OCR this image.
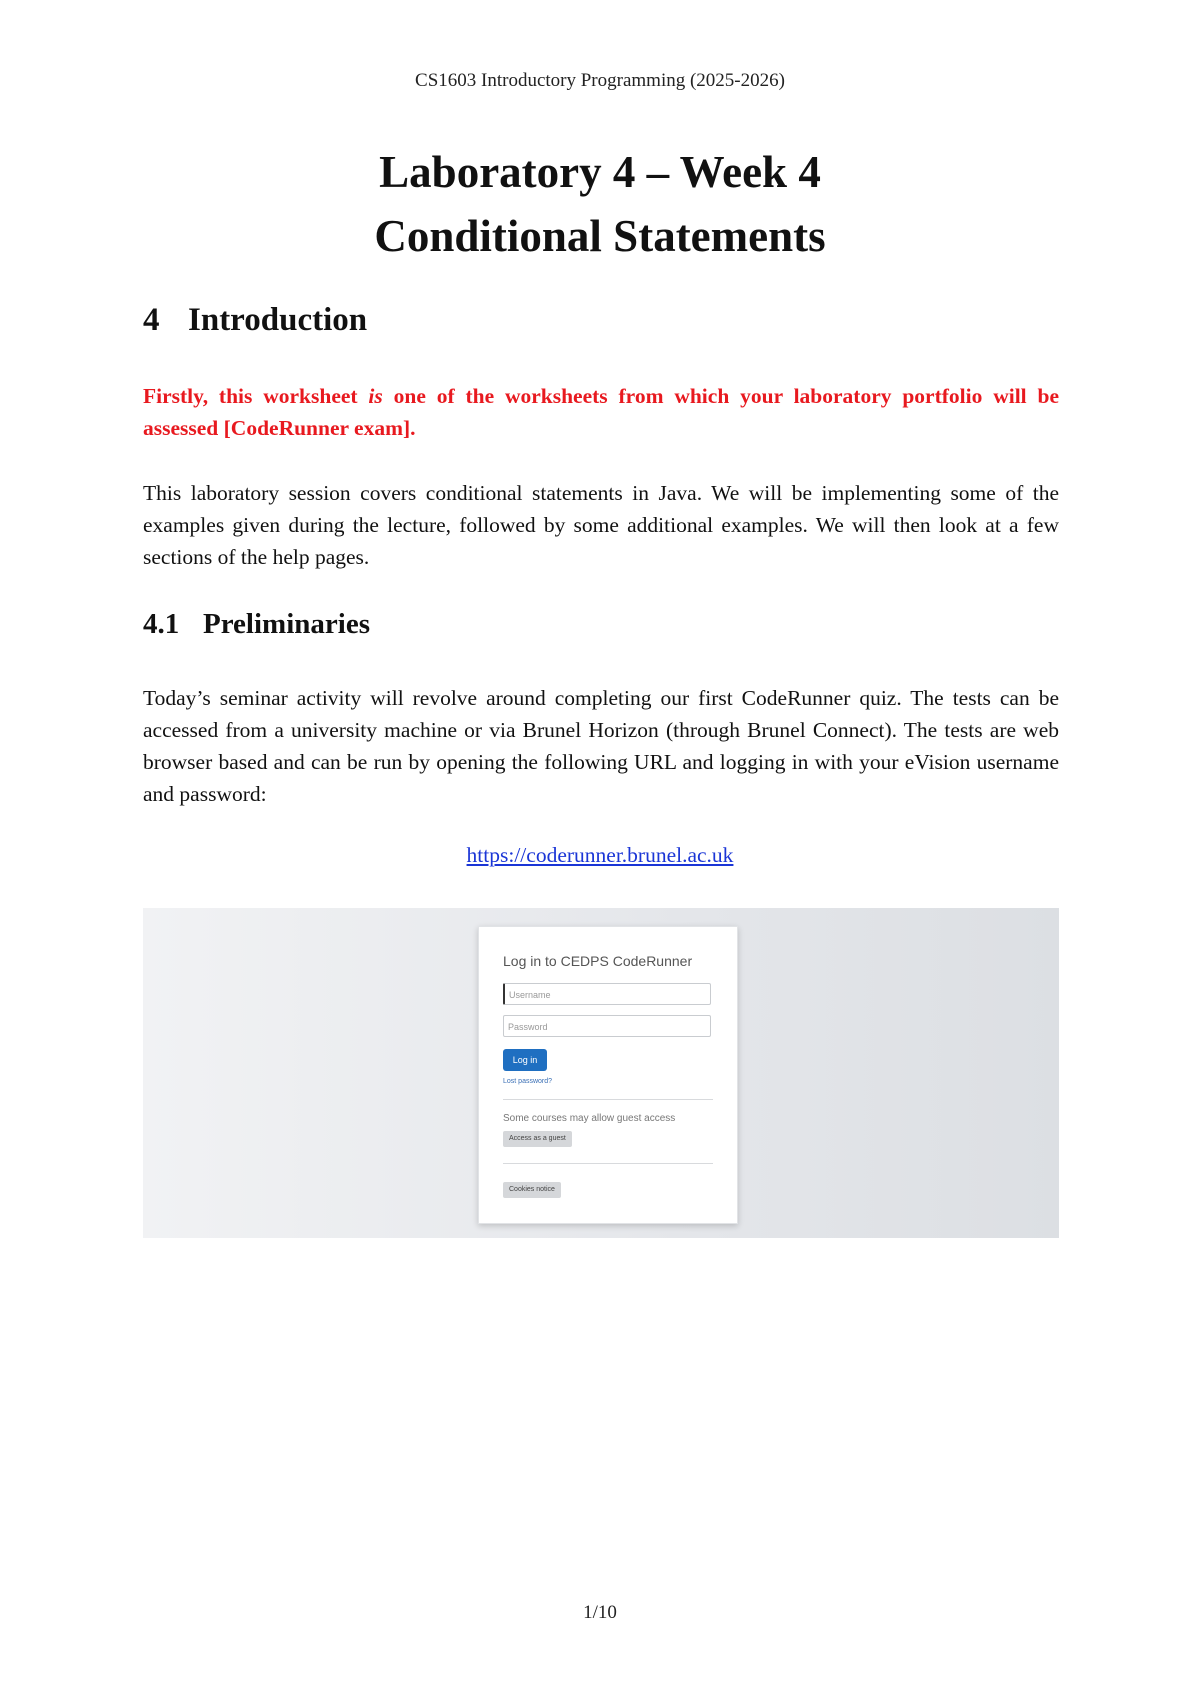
CS1603 Introductory Programming (2025-2026)
Laboratory 4 – Week 4
Conditional Statements
4 Introduction

Firstly, this worksheet is one of the worksheets from which your laboratory portfolio will be assessed [CodeRunner exam].

This laboratory session covers conditional statements in Java. We will be implementing some of the examples given during the lecture, followed by some additional examples. We will then look at a few sections of the help pages.

4.1 Preliminaries

Today’s seminar activity will revolve around completing our first CodeRunner quiz. The tests can be accessed from a university machine or via Brunel Horizon (through Brunel Connect). The tests are web browser based and can be run by opening the following URL and logging in with your eVision username and password:

https://coderunner.brunel.ac.uk
Log in to CEDPS CodeRunner
Username
Password
Log in
Lost password?
Some courses may allow guest access
Access as a guest
Cookies notice
1/10
